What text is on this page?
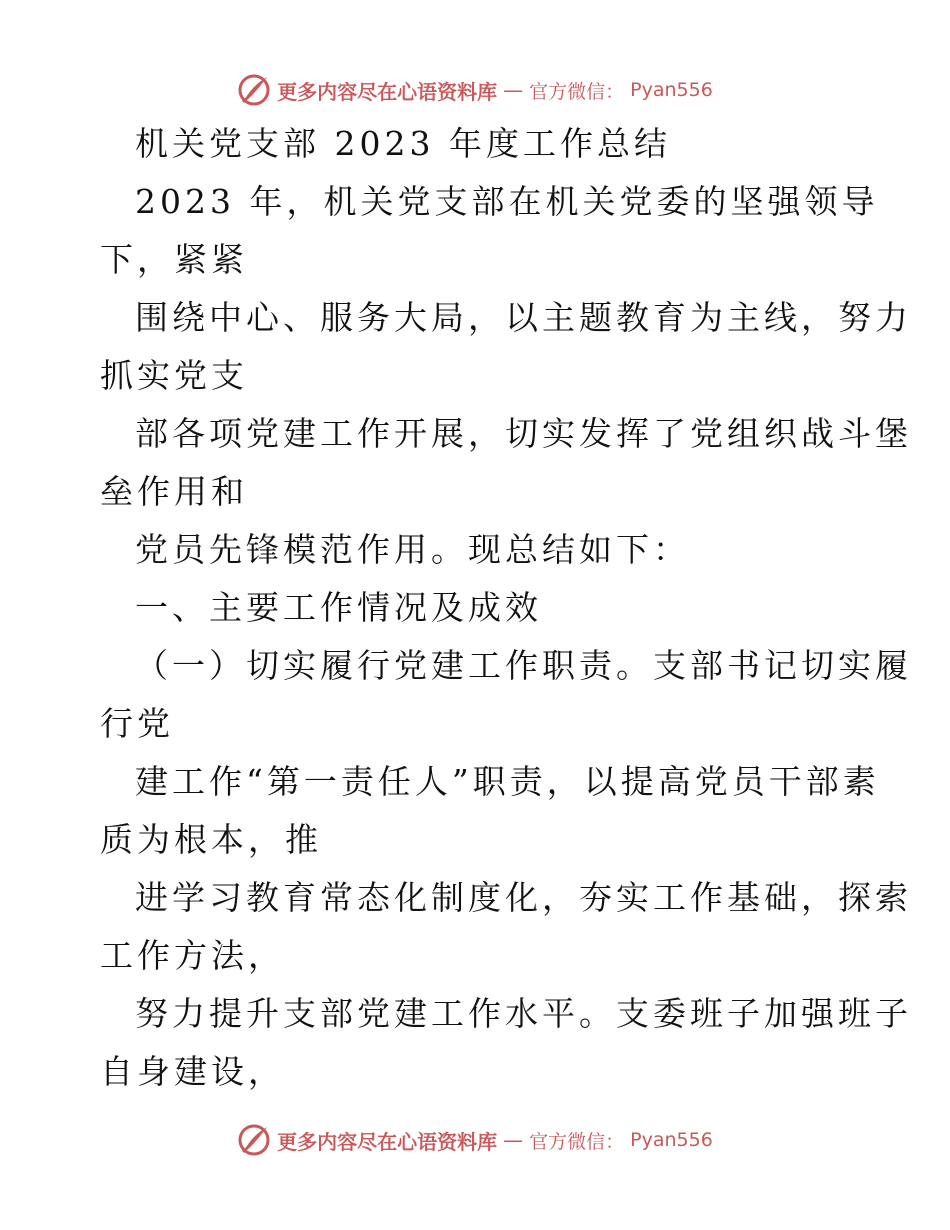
更多内容尽在心语资料库 — 官方微信： Pyan556
机关党支部 2023 年度工作总结
2023 年，机关党支部在机关党委的坚强领导
下，紧紧
围绕中心、服务大局，以主题教育为主线，努力
抓实党支
部各项党建工作开展，切实发挥了党组织战斗堡
垒作用和
党员先锋模范作用。现总结如下：
一、主要工作情况及成效
（一）切实履行党建工作职责。支部书记切实履
行党
建工作“第一责任人”职责，以提高党员干部素
质为根本，推
进学习教育常态化制度化，夯实工作基础，探索
工作方法，
努力提升支部党建工作水平。支委班子加强班子
自身建设，
更多内容尽在心语资料库 — 官方微信： Pyan556
